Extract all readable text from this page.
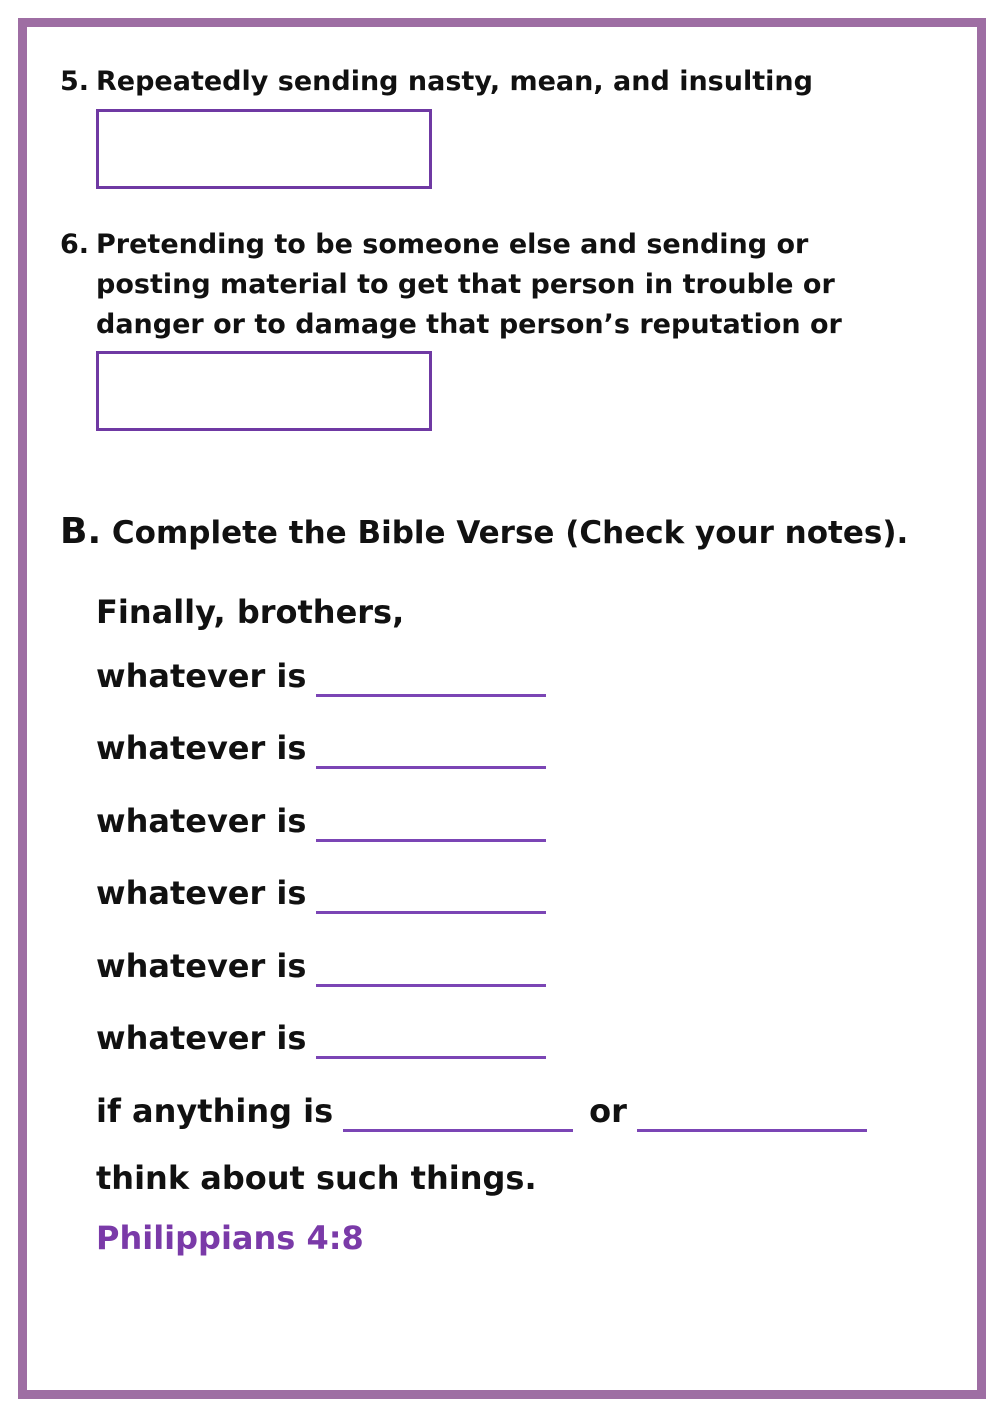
5. Repeatedly sending nasty, mean, and insulting
6. Pretending to be someone else and sending or posting material to get that person in trouble or danger or to damage that person’s reputation or
B. Complete the Bible Verse (Check your notes).
Finally, brothers,
whatever is
whatever is
whatever is
whatever is
whatever is
whatever is
if anything is	or
think about such things.
Philippians 4:8
